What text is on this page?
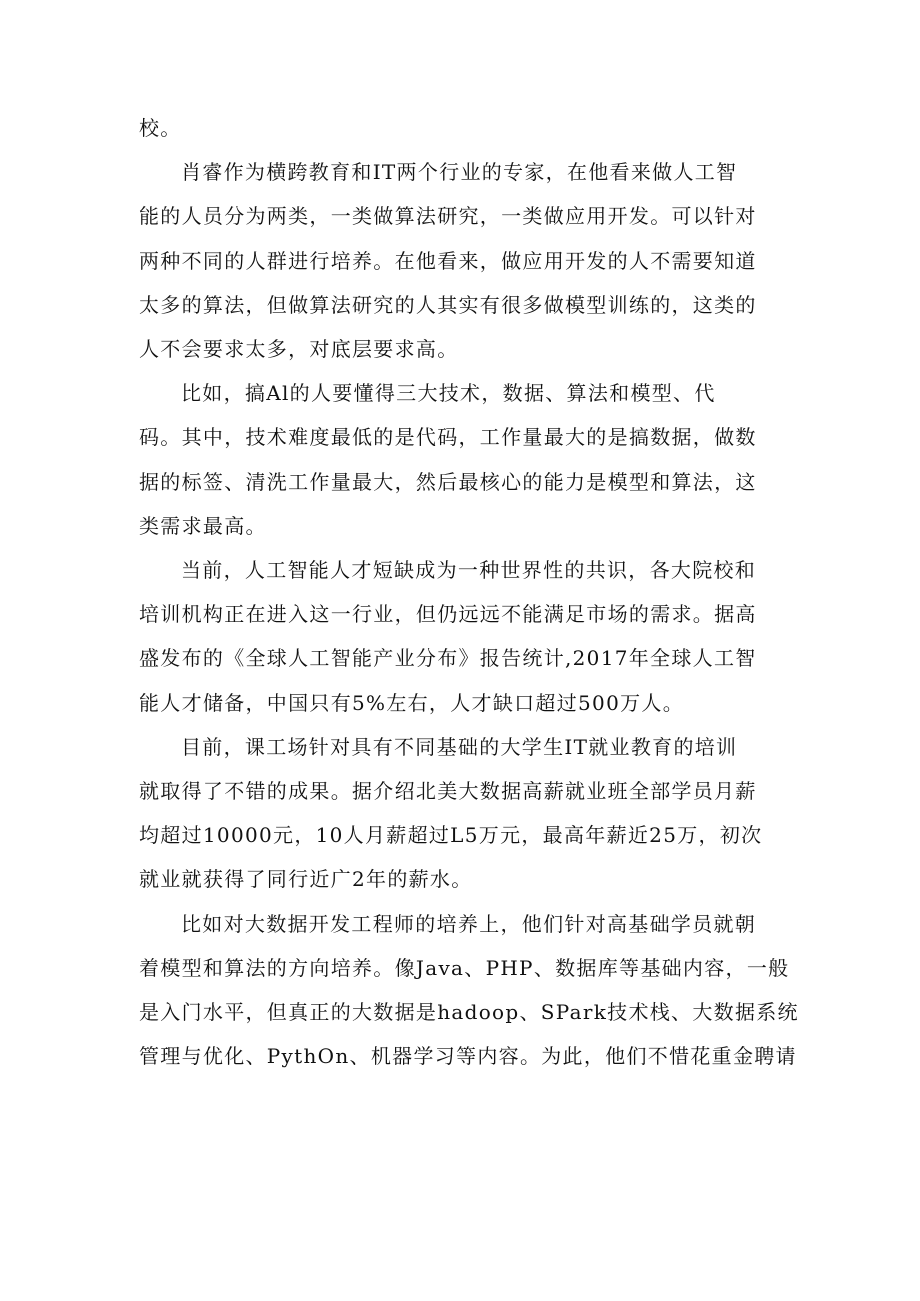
校。

肖睿作为横跨教育和IT两个行业的专家，在他看来做人工智
能的人员分为两类，一类做算法研究，一类做应用开发。可以针对
两种不同的人群进行培养。在他看来，做应用开发的人不需要知道
太多的算法，但做算法研究的人其实有很多做模型训练的，这类的
人不会要求太多，对底层要求高。

比如，搞Al的人要懂得三大技术，数据、算法和模型、代
码。其中，技术难度最低的是代码，工作量最大的是搞数据，做数
据的标签、清洗工作量最大，然后最核心的能力是模型和算法，这
类需求最高。

当前，人工智能人才短缺成为一种世界性的共识，各大院校和
培训机构正在进入这一行业，但仍远远不能满足市场的需求。据高
盛发布的《全球人工智能产业分布》报告统计,2017年全球人工智
能人才储备，中国只有5%左右，人才缺口超过500万人。

目前，课工场针对具有不同基础的大学生IT就业教育的培训
就取得了不错的成果。据介绍北美大数据高薪就业班全部学员月薪
均超过10000元，10人月薪超过L5万元，最高年薪近25万，初次
就业就获得了同行近广2年的薪水。

比如对大数据开发工程师的培养上，他们针对高基础学员就朝
着模型和算法的方向培养。像Java、PHP、数据库等基础内容，一般
是入门水平，但真正的大数据是hadoop、SPark技术栈、大数据系统
管理与优化、PythOn、机器学习等内容。为此，他们不惜花重金聘请
